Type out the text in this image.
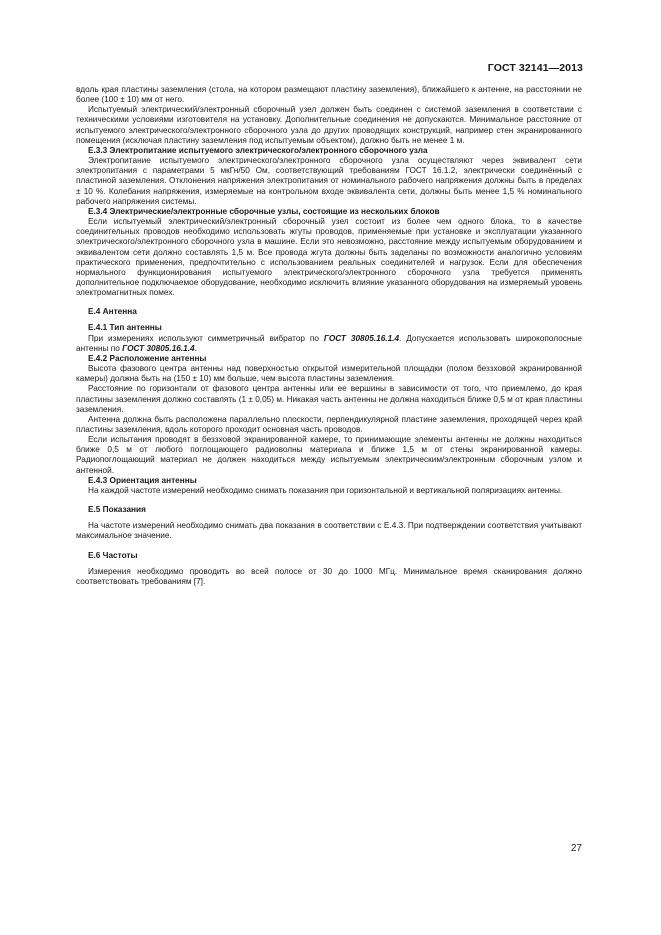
ГОСТ 32141—2013

вдоль края пластины заземления (стола, на котором размещают пластину заземления), ближайшего к антенне, на расстоянии не более (100 ± 10) мм от него.

Испытуемый электрический/электронный сборочный узел должен быть соединен с системой заземления в соответствии с техническими условиями изготовителя на установку. Дополнительные соединения не допускаются. Минимальное расстояние от испытуемого электрического/электронного сборочного узла до других проводящих конструкций, например стен экранированного помещения (исключая пластину заземления под испытуемым объектом), должно быть не менее 1 м.

Е.3.3 Электропитание испытуемого электрического/электронного сборочного узла

Электропитание испытуемого электрического/электронного сборочного узла осуществляют через эквивалент сети электропитания с параметрами 5 мкГн/50 Ом, соответствующий требованиям ГОСТ 16.1.2, электрически соединённый с пластиной заземления. Отклонения напряжения электропитания от номинального рабочего напряжения должны быть в пределах ± 10 %. Колебания напряжения, измеряемые на контрольном входе эквивалента сети, должны быть менее 1,5 % номинального рабочего напряжения системы.

Е.3.4 Электрические/электронные сборочные узлы, состоящие из нескольких блоков

Если испытуемый электрический/электронный сборочный узел состоит из более чем одного блока, то в качестве соединительных проводов необходимо использовать жгуты проводов, применяемые при установке и эксплуатации указанного электрического/электронного сборочного узла в машине. Если это невозможно, расстояние между испытуемым оборудованием и эквивалентом сети должно составлять 1,5 м. Все провода жгута должны быть заделаны по возможности аналогично условиям практического применения, предпочтительно с использованием реальных соединителей и нагрузок. Если для обеспечения нормального функционирования испытуемого электрического/электронного сборочного узла требуется применять дополнительное подключаемое оборудование, необходимо исключить влияние указанного оборудования на измеряемый уровень электромагнитных помех.

Е.4 Антенна
Е.4.1 Тип антенны

При измерениях используют симметричный вибратор по ГОСТ 30805.16.1.4. Допускается использовать широкополосные антенны по ГОСТ 30805.16.1.4.

Е.4.2 Расположение антенны

Высота фазового центра антенны над поверхностью открытой измерительной площадки (полом беззховой экранированной камеры) должна быть на (150 ± 10) мм больше, чем высота пластины заземления.

Расстояние по горизонтали от фазового центра антенны или ее вершины в зависимости от того, что приемлемо, до края пластины заземления должно составлять (1 ± 0,05) м. Никакая часть антенны не должна находиться ближе 0,5 м от края пластины заземления.

Антенна должна быть расположена параллельно плоскости, перпендикулярной пластине заземления, проходящей через край пластины заземления, вдоль которого проходит основная часть проводов.

Если испытания проводят в беззховой экранированной камере, то принимающие элементы антенны не должны находиться ближе 0,5 м от любого поглощающего радиоволны материала и ближе 1,5 м от стены экранированной камеры. Радиопоглощающий материал не должен находиться между испытуемым электрическим/электронным сборочным узлом и антенной.

Е.4.3 Ориентация антенны

На каждой частоте измерений необходимо снимать показания при горизонтальной и вертикальной поляризациях антенны.

Е.5 Показания

На частоте измерений необходимо снимать два показания в соответствии с Е.4.3. При подтверждении соответствия учитывают максимальное значение.

Е.6 Частоты

Измерения необходимо проводить во всей полосе от 30 до 1000 МГц. Минимальное время сканирования должно соответствовать требованиям [7].

27
